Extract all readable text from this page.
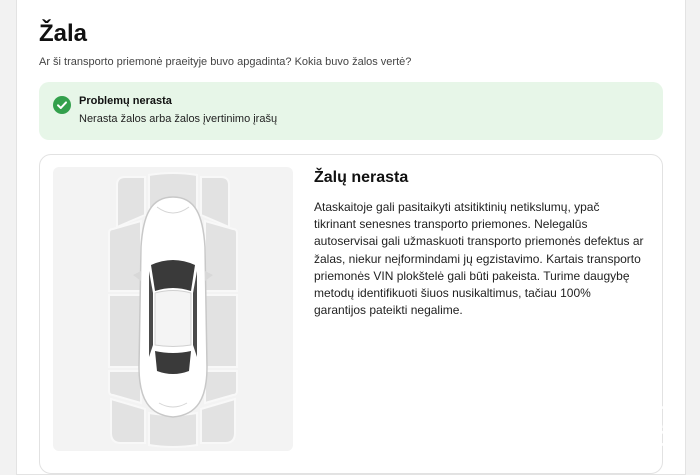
Žala
Ar ši transporto priemonė praeityje buvo apgadinta? Kokia buvo žalos vertė?
Problemų nerasta
Nerasta žalos arba žalos įvertinimo įrašų
Žalų nerasta
Ataskaitoje gali pasitaikyti atsitiktinių netikslumų, ypač tikrinant senesnes transporto priemones. Nelegalūs autoservisai gali užmaskuoti transporto priemonės defektus ar žalas, niekur neįformindami jų egzistavimo. Kartais transporto priemonės VIN plokštelė gali būti pakeista. Turime daugybę metodų identifikuoti šiuos nusikaltimus, tačiau 100% garantijos pateikti negalime.
